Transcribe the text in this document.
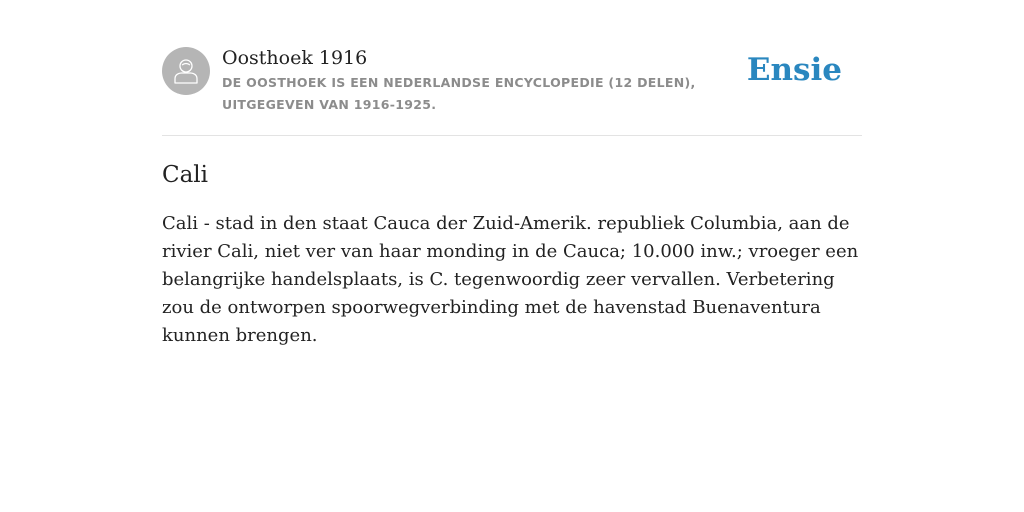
Oosthoek 1916
DE OOSTHOEK IS EEN NEDERLANDSE ENCYCLOPEDIE (12 DELEN), UITGEGEVEN VAN 1916-1925.
Ensie
Cali

Cali - stad in den staat Cauca der Zuid-Amerik. republiek Columbia, aan de rivier Cali, niet ver van haar monding in de Cauca; 10.000 inw.; vroeger een belangrijke handelsplaats, is C. tegenwoordig zeer vervallen. Verbetering zou de ontworpen spoorwegverbinding met de havenstad Buenaventura kunnen brengen.
